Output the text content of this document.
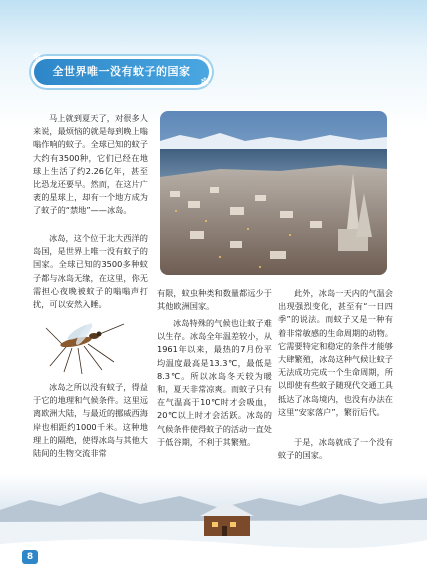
❄
全世界唯一没有蚊子的国家
❄

马上就到夏天了，对很多人来说，最烦恼的就是每到晚上嗡嗡作响的蚊子。全球已知的蚊子大约有3500种，它们已经在地球上生活了约2.26亿年，甚至比恐龙还要早。然而，在这片广袤的星球上，却有一个地方成为了蚊子的“禁地”——冰岛。

冰岛，这个位于北大西洋的岛国，是世界上唯一没有蚊子的国家。全球已知的3500多种蚊子都与冰岛无缘，在这里，你无需担心夜晚被蚊子的嗡嗡声打扰，可以安然入睡。

冰岛之所以没有蚊子，得益于它的地理和气候条件。这里远离欧洲大陆，与最近的挪威西海岸也相距约1000千米。这种地理上的隔绝，使得冰岛与其他大陆间的生物交流非常

有限，蚊虫种类和数量都远少于其他欧洲国家。

冰岛特殊的气候也让蚊子难以生存。冰岛全年温差较小，从1961年以来，最热的7月份平均温度最高是13.3℃，最低是8.3℃。所以冰岛冬天较为暖和，夏天非常凉爽。而蚊子只有在气温高于10℃时才会吸血，20℃以上时才会活跃。冰岛的气候条件使得蚊子的活动一直处于低谷期，不利于其繁殖。

此外，冰岛一天内的气温会出现强烈变化，甚至有“一日四季”的说法。而蚊子又是一种有着非常敏感的生命周期的动物。它需要特定和稳定的条件才能够大肆繁殖，冰岛这种气候让蚊子无法成功完成一个生命周期，所以即使有些蚊子随现代交通工具抵达了冰岛境内，也没有办法在这里“安家落户”，繁衍后代。

于是，冰岛就成了一个没有蚊子的国家。

8
